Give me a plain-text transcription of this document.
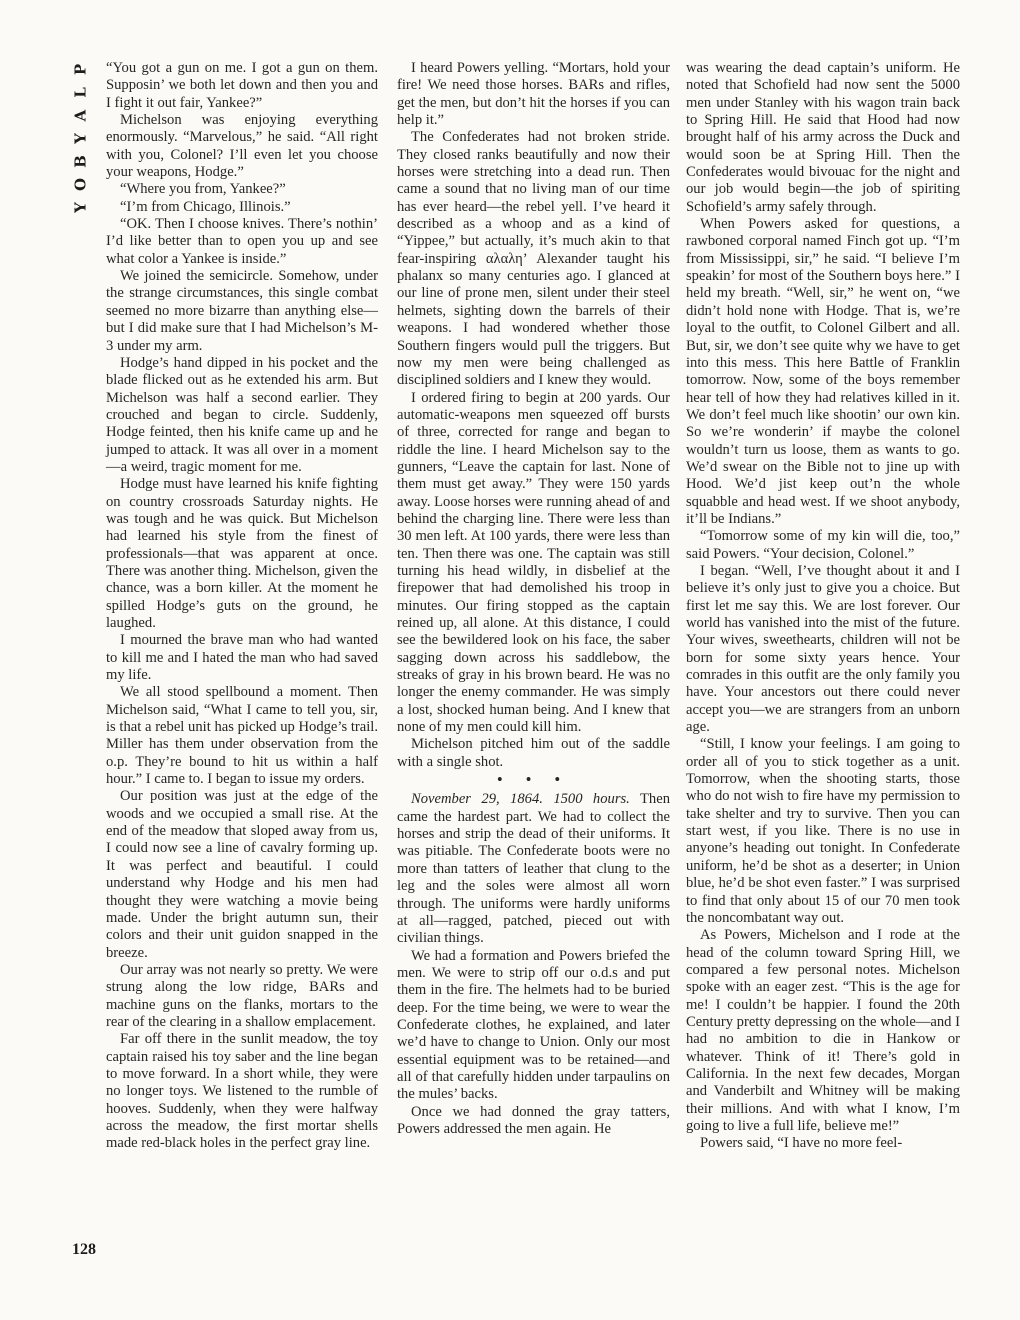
P
L
A
Y
B
O
Y
128

“You got a gun on me. I got a gun on them. Supposin’ we both let down and then you and I fight it out fair, Yankee?”

Michelson was enjoying everything enormously. “Marvelous,” he said. “All right with you, Colonel? I’ll even let you choose your weapons, Hodge.”

“Where you from, Yankee?”

“I’m from Chicago, Illinois.”

“OK. Then I choose knives. There’s nothin’ I’d like better than to open you up and see what color a Yankee is inside.”

We joined the semicircle. Somehow, under the strange circumstances, this single combat seemed no more bizarre than anything else—but I did make sure that I had Michelson’s M-3 under my arm.

Hodge’s hand dipped in his pocket and the blade flicked out as he extended his arm. But Michelson was half a second earlier. They crouched and began to circle. Suddenly, Hodge feinted, then his knife came up and he jumped to attack. It was all over in a moment—a weird, tragic moment for me.

Hodge must have learned his knife fighting on country crossroads Saturday nights. He was tough and he was quick. But Michelson had learned his style from the finest of professionals—that was apparent at once. There was another thing. Michelson, given the chance, was a born killer. At the moment he spilled Hodge’s guts on the ground, he laughed.

I mourned the brave man who had wanted to kill me and I hated the man who had saved my life.

We all stood spellbound a moment. Then Michelson said, “What I came to tell you, sir, is that a rebel unit has picked up Hodge’s trail. Miller has them under observation from the o.p. They’re bound to hit us within a half hour.” I came to. I began to issue my orders.

Our position was just at the edge of the woods and we occupied a small rise. At the end of the meadow that sloped away from us, I could now see a line of cavalry forming up. It was perfect and beautiful. I could understand why Hodge and his men had thought they were watching a movie being made. Under the bright autumn sun, their colors and their unit guidon snapped in the breeze.

Our array was not nearly so pretty. We were strung along the low ridge, BARs and machine guns on the flanks, mortars to the rear of the clearing in a shallow emplacement.

Far off there in the sunlit meadow, the toy captain raised his toy saber and the line began to move forward. In a short while, they were no longer toys. We listened to the rumble of hooves. Suddenly, when they were halfway across the meadow, the first mortar shells made red-black holes in the perfect gray line.

I heard Powers yelling. “Mortars, hold your fire! We need those horses. BARs and rifles, get the men, but don’t hit the horses if you can help it.”

The Confederates had not broken stride. They closed ranks beautifully and now their horses were stretching into a dead run. Then came a sound that no living man of our time has ever heard—the rebel yell. I’ve heard it described as a whoop and as a kind of “Yippee,” but actually, it’s much akin to that fear-inspiring αλαλη’ Alexander taught his phalanx so many centuries ago. I glanced at our line of prone men, silent under their steel helmets, sighting down the barrels of their weapons. I had wondered whether those Southern fingers would pull the triggers. But now my men were being challenged as disciplined soldiers and I knew they would.

I ordered firing to begin at 200 yards. Our automatic-weapons men squeezed off bursts of three, corrected for range and began to riddle the line. I heard Michelson say to the gunners, “Leave the captain for last. None of them must get away.” They were 150 yards away. Loose horses were running ahead of and behind the charging line. There were less than 30 men left. At 100 yards, there were less than ten. Then there was one. The captain was still turning his head wildly, in disbelief at the firepower that had demolished his troop in minutes. Our firing stopped as the captain reined up, all alone. At this distance, I could see the bewildered look on his face, the saber sagging down across his saddlebow, the streaks of gray in his brown beard. He was no longer the enemy commander. He was simply a lost, shocked human being. And I knew that none of my men could kill him.

Michelson pitched him out of the saddle with a single shot.

• • •

November 29, 1864. 1500 hours. Then came the hardest part. We had to collect the horses and strip the dead of their uniforms. It was pitiable. The Confederate boots were no more than tatters of leather that clung to the leg and the soles were almost all worn through. The uniforms were hardly uniforms at all—ragged, patched, pieced out with civilian things.

We had a formation and Powers briefed the men. We were to strip off our o.d.s and put them in the fire. The helmets had to be buried deep. For the time being, we were to wear the Confederate clothes, he explained, and later we’d have to change to Union. Only our most essential equipment was to be retained—and all of that carefully hidden under tarpaulins on the mules’ backs.

Once we had donned the gray tatters, Powers addressed the men again. He

was wearing the dead captain’s uniform. He noted that Schofield had now sent the 5000 men under Stanley with his wagon train back to Spring Hill. He said that Hood had now brought half of his army across the Duck and would soon be at Spring Hill. Then the Confederates would bivouac for the night and our job would begin—the job of spiriting Schofield’s army safely through.

When Powers asked for questions, a rawboned corporal named Finch got up. “I’m from Mississippi, sir,” he said. “I believe I’m speakin’ for most of the Southern boys here.” I held my breath. “Well, sir,” he went on, “we didn’t hold none with Hodge. That is, we’re loyal to the outfit, to Colonel Gilbert and all. But, sir, we don’t see quite why we have to get into this mess. This here Battle of Franklin tomorrow. Now, some of the boys remember hear tell of how they had relatives killed in it. We don’t feel much like shootin’ our own kin. So we’re wonderin’ if maybe the colonel wouldn’t turn us loose, them as wants to go. We’d swear on the Bible not to jine up with Hood. We’d jist keep out’n the whole squabble and head west. If we shoot anybody, it’ll be Indians.”

“Tomorrow some of my kin will die, too,” said Powers. “Your decision, Colonel.”

I began. “Well, I’ve thought about it and I believe it’s only just to give you a choice. But first let me say this. We are lost forever. Our world has vanished into the mist of the future. Your wives, sweethearts, children will not be born for some sixty years hence. Your comrades in this outfit are the only family you have. Your ancestors out there could never accept you—we are strangers from an unborn age.

“Still, I know your feelings. I am going to order all of you to stick together as a unit. Tomorrow, when the shooting starts, those who do not wish to fire have my permission to take shelter and try to survive. Then you can start west, if you like. There is no use in anyone’s heading out tonight. In Confederate uniform, he’d be shot as a deserter; in Union blue, he’d be shot even faster.” I was surprised to find that only about 15 of our 70 men took the noncombatant way out.

As Powers, Michelson and I rode at the head of the column toward Spring Hill, we compared a few personal notes. Michelson spoke with an eager zest. “This is the age for me! I couldn’t be happier. I found the 20th Century pretty depressing on the whole—and I had no ambition to die in Hankow or whatever. Think of it! There’s gold in California. In the next few decades, Morgan and Vanderbilt and Whitney will be making their millions. And with what I know, I’m going to live a full life, believe me!”

Powers said, “I have no more feel-
